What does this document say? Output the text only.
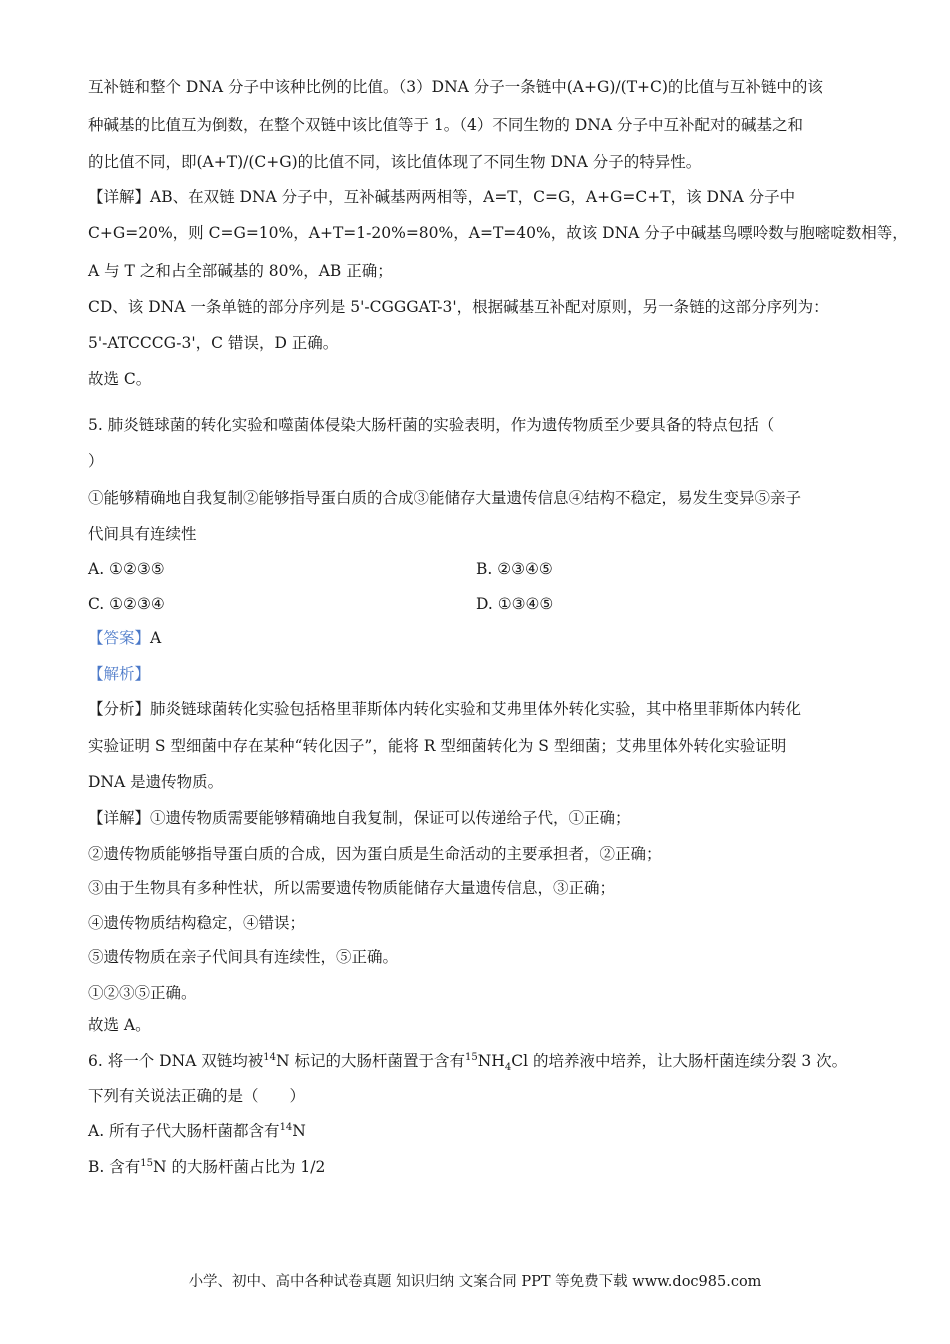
互补链和整个 DNA 分子中该种比例的比值。（3）DNA 分子一条链中(A+G)/(T+C)的比值与互补链中的该
种碱基的比值互为倒数，在整个双链中该比值等于 1。（4）不同生物的 DNA 分子中互补配对的碱基之和
的比值不同，即(A+T)/(C+G)的比值不同，该比值体现了不同生物 DNA 分子的特异性。
【详解】AB、在双链 DNA 分子中，互补碱基两两相等，A=T，C=G，A+G=C+T，该 DNA 分子中
C+G=20%，则 C=G=10%，A+T=1-20%=80%，A=T=40%，故该 DNA 分子中碱基鸟嘌呤数与胞嘧啶数相等，
A 与 T 之和占全部碱基的 80%，AB 正确；
CD、该 DNA 一条单链的部分序列是 5'-CGGGAT-3'，根据碱基互补配对原则，另一条链的这部分序列为：
5'-ATCCCG-3'，C 错误，D 正确。
故选 C。
5. 肺炎链球菌的转化实验和噬菌体侵染大肠杆菌的实验表明，作为遗传物质至少要具备的特点包括（
）
①能够精确地自我复制②能够指导蛋白质的合成③能储存大量遗传信息④结构不稳定，易发生变异⑤亲子
代间具有连续性
A. ①②③⑤	B. ②③④⑤
C. ①②③④	D. ①③④⑤
【答案】A
【解析】
【分析】肺炎链球菌转化实验包括格里菲斯体内转化实验和艾弗里体外转化实验，其中格里菲斯体内转化
实验证明 S 型细菌中存在某种“转化因子”，能将 R 型细菌转化为 S 型细菌；艾弗里体外转化实验证明
DNA 是遗传物质。
【详解】①遗传物质需要能够精确地自我复制，保证可以传递给子代，①正确；
②遗传物质能够指导蛋白质的合成，因为蛋白质是生命活动的主要承担者，②正确；
③由于生物具有多种性状，所以需要遗传物质能储存大量遗传信息，③正确；
④遗传物质结构稳定，④错误；
⑤遗传物质在亲子代间具有连续性，⑤正确。
①②③⑤正确。
故选 A。
6. 将一个 DNA 双链均被$^{14}$N 标记的大肠杆菌置于含有$^{15}NH_4Cl$ 的培养液中培养，让大肠杆菌连续分裂 3 次。
下列有关说法正确的是（　　）
A. 所有子代大肠杆菌都含有$^{14}$N
B. 含有$^{15}$N 的大肠杆菌占比为 1/2
小学、初中、高中各种试卷真题 知识归纳 文案合同 PPT 等免费下载 www.doc985.com
